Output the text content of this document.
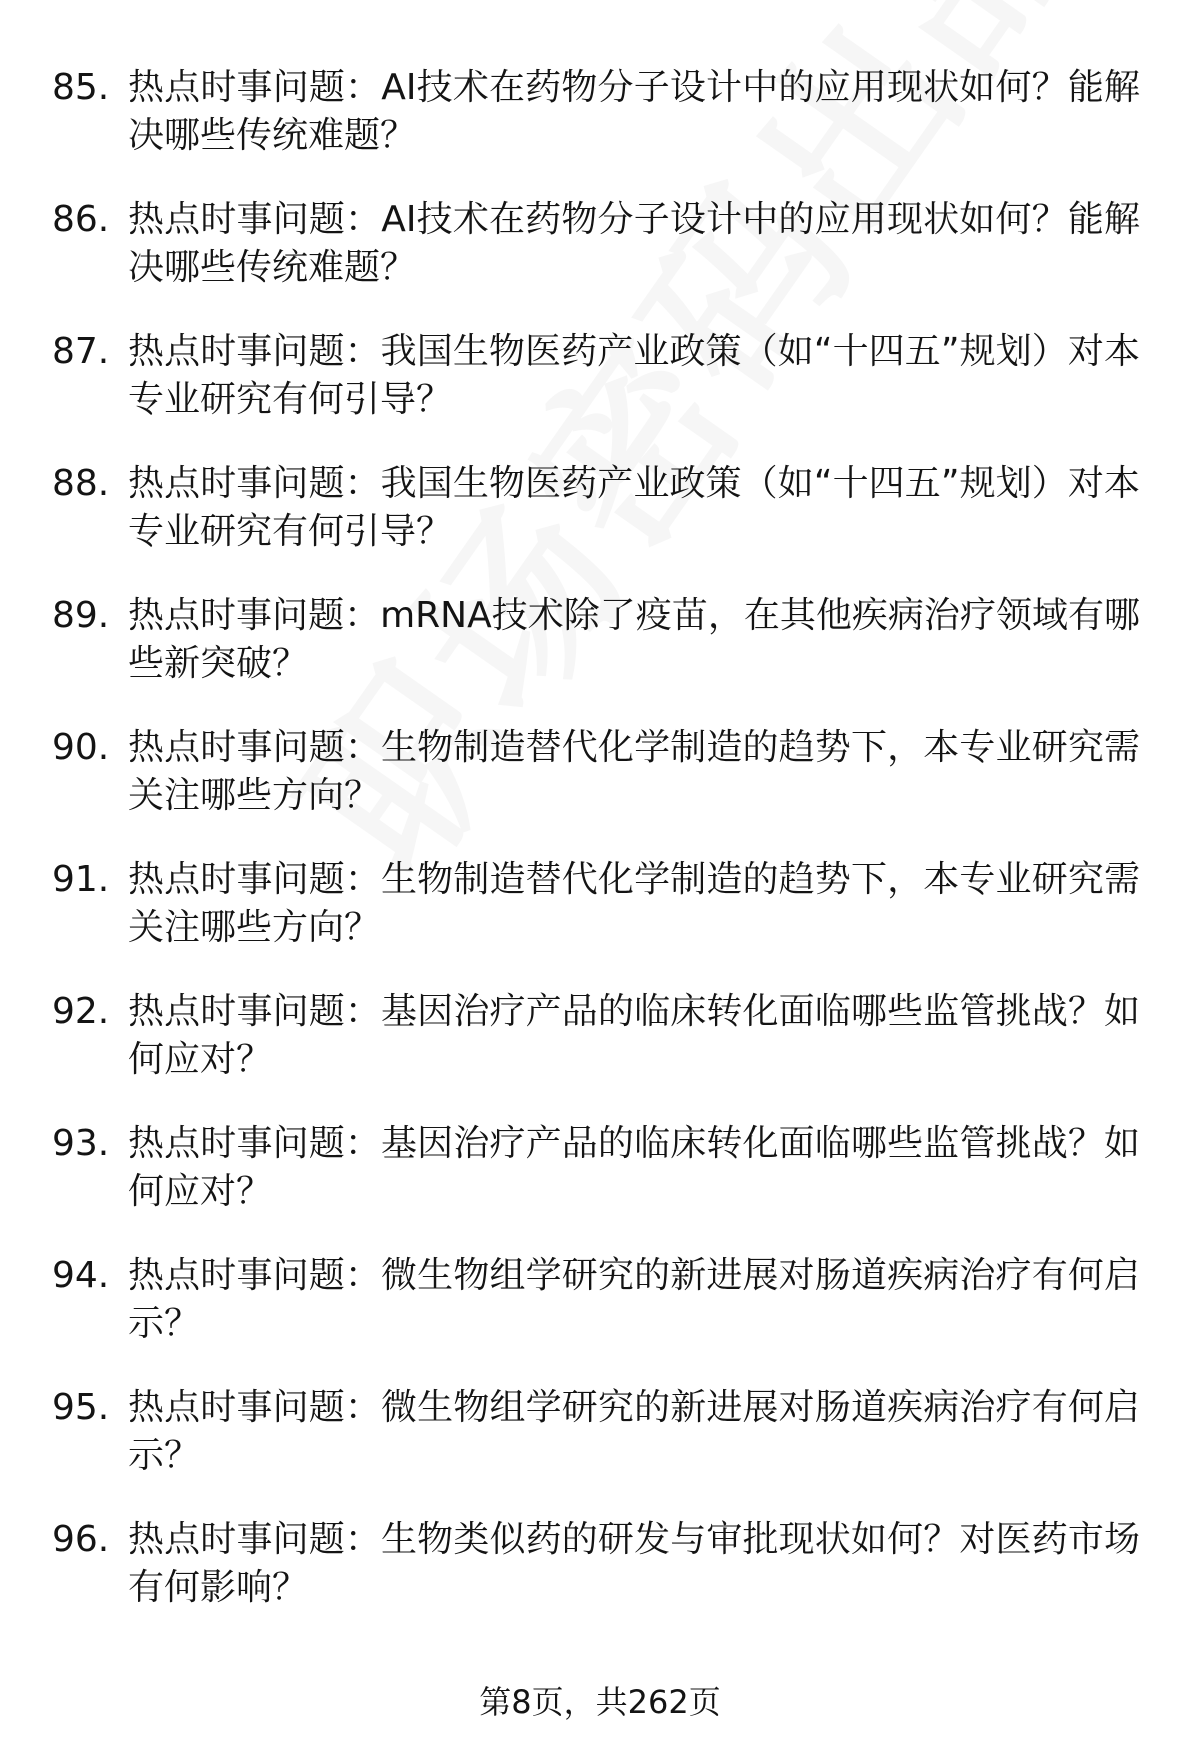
85. 热点时事问题：AI技术在药物分子设计中的应用现状如何？能解决哪些传统难题？
86. 热点时事问题：AI技术在药物分子设计中的应用现状如何？能解决哪些传统难题？
87. 热点时事问题：我国生物医药产业政策（如“十四五”规划）对本专业研究有何引导？
88. 热点时事问题：我国生物医药产业政策（如“十四五”规划）对本专业研究有何引导？
89. 热点时事问题：mRNA技术除了疫苗，在其他疾病治疗领域有哪些新突破？
90. 热点时事问题：生物制造替代化学制造的趋势下，本专业研究需关注哪些方向？
91. 热点时事问题：生物制造替代化学制造的趋势下，本专业研究需关注哪些方向？
92. 热点时事问题：基因治疗产品的临床转化面临哪些监管挑战？如何应对？
93. 热点时事问题：基因治疗产品的临床转化面临哪些监管挑战？如何应对？
94. 热点时事问题：微生物组学研究的新进展对肠道疾病治疗有何启示？
95. 热点时事问题：微生物组学研究的新进展对肠道疾病治疗有何启示？
96. 热点时事问题：生物类似药的研发与审批现状如何？对医药市场有何影响？
第8页，共262页
